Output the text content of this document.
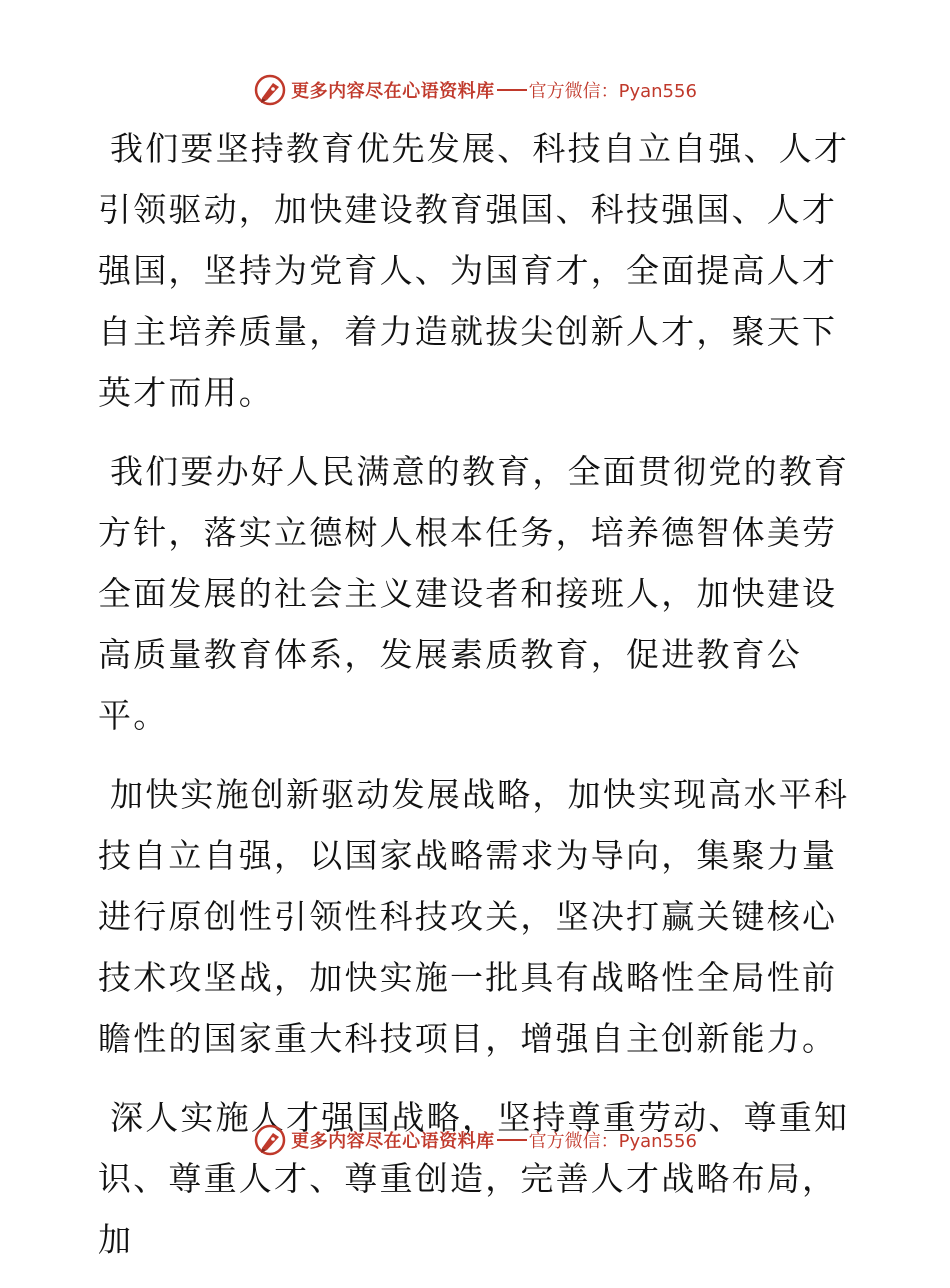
更多内容尽在心语资料库 官方微信：Pyan556

我们要坚持教育优先发展、科技自立自强、人才引领驱动，加快建设教育强国、科技强国、人才强国，坚持为党育人、为国育才，全面提高人才自主培养质量，着力造就拔尖创新人才，聚天下英才而用。

我们要办好人民满意的教育，全面贯彻党的教育方针，落实立德树人根本任务，培养德智体美劳全面发展的社会主义建设者和接班人，加快建设高质量教育体系，发展素质教育，促进教育公平。

加快实施创新驱动发展战略，加快实现高水平科技自立自强，以国家战略需求为导向，集聚力量进行原创性引领性科技攻关，坚决打赢关键核心技术攻坚战，加快实施一批具有战略性全局性前瞻性的国家重大科技项目，增强自主创新能力。

深人实施人才强国战略，坚持尊重劳动、尊重知识、尊重人才、尊重创造，完善人才战略布局，加

更多内容尽在心语资料库 官方微信：Pyan556
